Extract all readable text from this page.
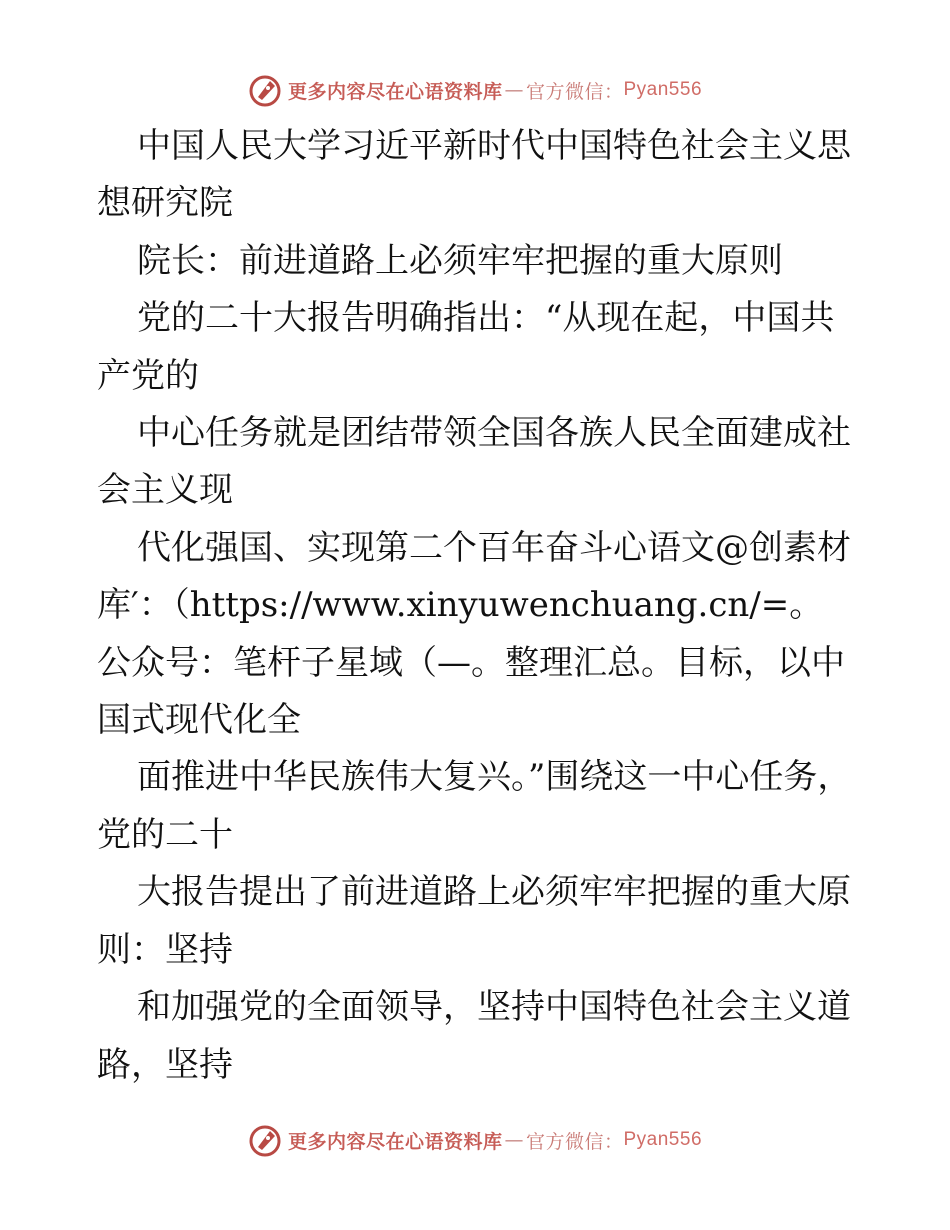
更多内容尽在心语资料库 — 官方微信： Pyan556

中国人民大学习近平新时代中国特色社会主义思想研究院

院长：前进道路上必须牢牢把握的重大原则

党的二十大报告明确指出：“从现在起，中国共产党的

中心任务就是团结带领全国各族人民全面建成社会主义现

代化强国、实现第二个百年奋斗心语文@创素材库′：（https://www.xinyuwenchuang.cn/=。公众号：笔杆子星域（—。整理汇总。目标，以中国式现代化全

面推进中华民族伟大复兴。”围绕这一中心任务，党的二十

大报告提出了前进道路上必须牢牢把握的重大原则：坚持

和加强党的全面领导，坚持中国特色社会主义道路，坚持

更多内容尽在心语资料库 — 官方微信： Pyan556
